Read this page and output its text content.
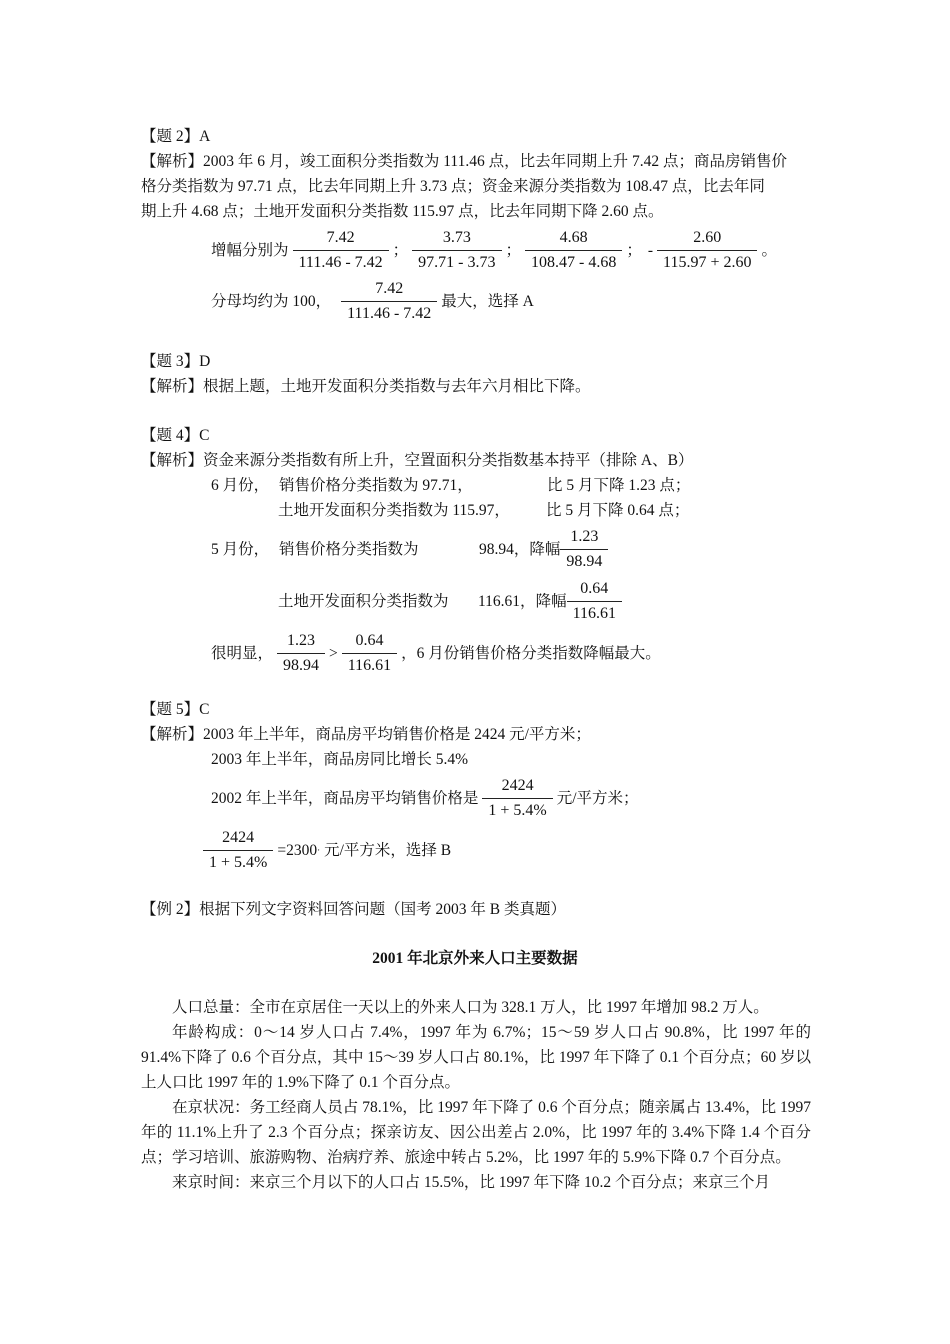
【题 2】A
【解析】2003 年 6 月，竣工面积分类指数为 111.46 点，比去年同期上升 7.42 点；商品房销售价
格分类指数为 97.71 点，比去年同期上升 3.73 点；资金来源分类指数为 108.47 点，比去年同
期上升 4.68 点；土地开发面积分类指数 115.97 点，比去年同期下降 2.60 点。
增幅分别为 $\frac{7.42}{111.46 - 7.42}$ ； $\frac{3.73}{97.71 - 3.73}$ ； $\frac{4.68}{108.47 - 4.68}$ ； - $\frac{2.60}{115.97 + 2.60}$ 。
分母均约为 100， $\frac{7.42}{111.46 - 7.42}$ 最大，选择 A
【题 3】D
【解析】根据上题，土地开发面积分类指数与去年六月相比下降。
【题 4】C
【解析】资金来源分类指数有所上升，空置面积分类指数基本持平（排除 A、B）
6 月份， 销售价格分类指数为 97.71，	比 5 月下降 1.23 点；
土地开发面积分类指数为 115.97， 比 5 月下降 0.64 点；
5 月份， 销售价格分类指数为	98.94， 降幅 $\frac{1.23}{98.94}$
土地开发面积分类指数为	116.61， 降幅 $\frac{0.64}{116.61}$
很明显， $\frac{1.23}{98.94} > \frac{0.64}{116.61}$ ，6 月份销售价格分类指数降幅最大。
【题 5】C
【解析】2003 年上半年，商品房平均销售价格是 2424 元/平方米；
2003 年上半年，商品房同比增长 5.4%
2002 年上半年，商品房平均销售价格是 $\frac{2424}{1 + 5.4\%}$ 元/平方米；
$\frac{2424}{1 + 5.4\%} =2300$ · 元/平方米，选择 B
【例 2】根据下列文字资料回答问题（国考 2003 年 B 类真题）
2001 年北京外来人口主要数据

人口总量：全市在京居住一天以上的外来人口为 328.1 万人，比 1997 年增加 98.2 万人。

年龄构成：0～14 岁人口占 7.4%，1997 年为 6.7%；15～59 岁人口占 90.8%，比 1997 年的 91.4%下降了 0.6 个百分点，其中 15～39 岁人口占 80.1%，比 1997 年下降了 0.1 个百分点；60 岁以上人口比 1997 年的 1.9%下降了 0.1 个百分点。

在京状况：务工经商人员占 78.1%，比 1997 年下降了 0.6 个百分点；随亲属占 13.4%，比 1997 年的 11.1%上升了 2.3 个百分点；探亲访友、因公出差占 2.0%，比 1997 年的 3.4%下降 1.4 个百分点；学习培训、旅游购物、治病疗养、旅途中转占 5.2%，比 1997 年的 5.9%下降 0.7 个百分点。

来京时间：来京三个月以下的人口占 15.5%，比 1997 年下降 10.2 个百分点；来京三个月
